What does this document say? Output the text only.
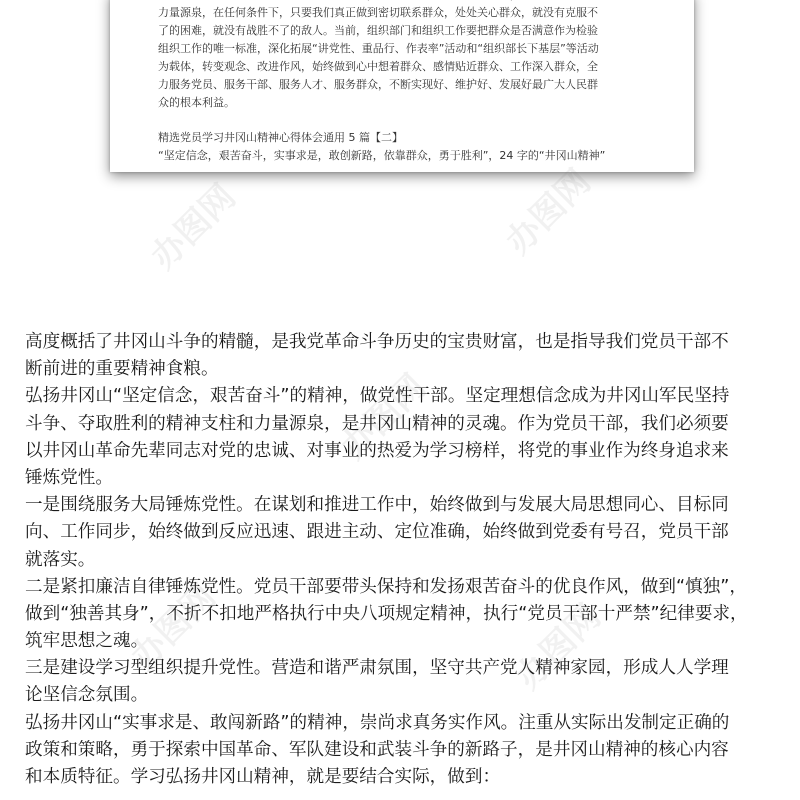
力量源泉，在任何条件下，只要我们真正做到密切联系群众，处处关心群众，就没有克服不
了的困难，就没有战胜不了的敌人。当前，组织部门和组织工作要把群众是否满意作为检验
组织工作的唯一标准，深化拓展“讲党性、重品行、作表率”活动和“组织部长下基层”等活动
为载体，转变观念、改进作风，始终做到心中想着群众、感情贴近群众、工作深入群众，全
力服务党员、服务干部、服务人才、服务群众，不断实现好、维护好、发展好最广大人民群
众的根本利益。
精选党员学习井冈山精神心得体会通用 5 篇【二】
“坚定信念，艰苦奋斗，实事求是，敢创新路，依靠群众，勇于胜利”，24 字的“井冈山精神”
办图网	办图网
办图网
办图网	办图网
高度概括了井冈山斗争的精髓，是我党革命斗争历史的宝贵财富，也是指导我们党员干部不
断前进的重要精神食粮。
弘扬井冈山“坚定信念，艰苦奋斗”的精神，做党性干部。坚定理想信念成为井冈山军民坚持
斗争、夺取胜利的精神支柱和力量源泉，是井冈山精神的灵魂。作为党员干部，我们必须要
以井冈山革命先辈同志对党的忠诚、对事业的热爱为学习榜样，将党的事业作为终身追求来
锤炼党性。
一是围绕服务大局锤炼党性。在谋划和推进工作中，始终做到与发展大局思想同心、目标同
向、工作同步，始终做到反应迅速、跟进主动、定位准确，始终做到党委有号召，党员干部
就落实。
二是紧扣廉洁自律锤炼党性。党员干部要带头保持和发扬艰苦奋斗的优良作风，做到“慎独”，
做到“独善其身”，不折不扣地严格执行中央八项规定精神，执行“党员干部十严禁”纪律要求，
筑牢思想之魂。
三是建设学习型组织提升党性。营造和谐严肃氛围，坚守共产党人精神家园，形成人人学理
论坚信念氛围。
弘扬井冈山“实事求是、敢闯新路”的精神，崇尚求真务实作风。注重从实际出发制定正确的
政策和策略，勇于探索中国革命、军队建设和武装斗争的新路子，是井冈山精神的核心内容
和本质特征。学习弘扬井冈山精神，就是要结合实际，做到：
